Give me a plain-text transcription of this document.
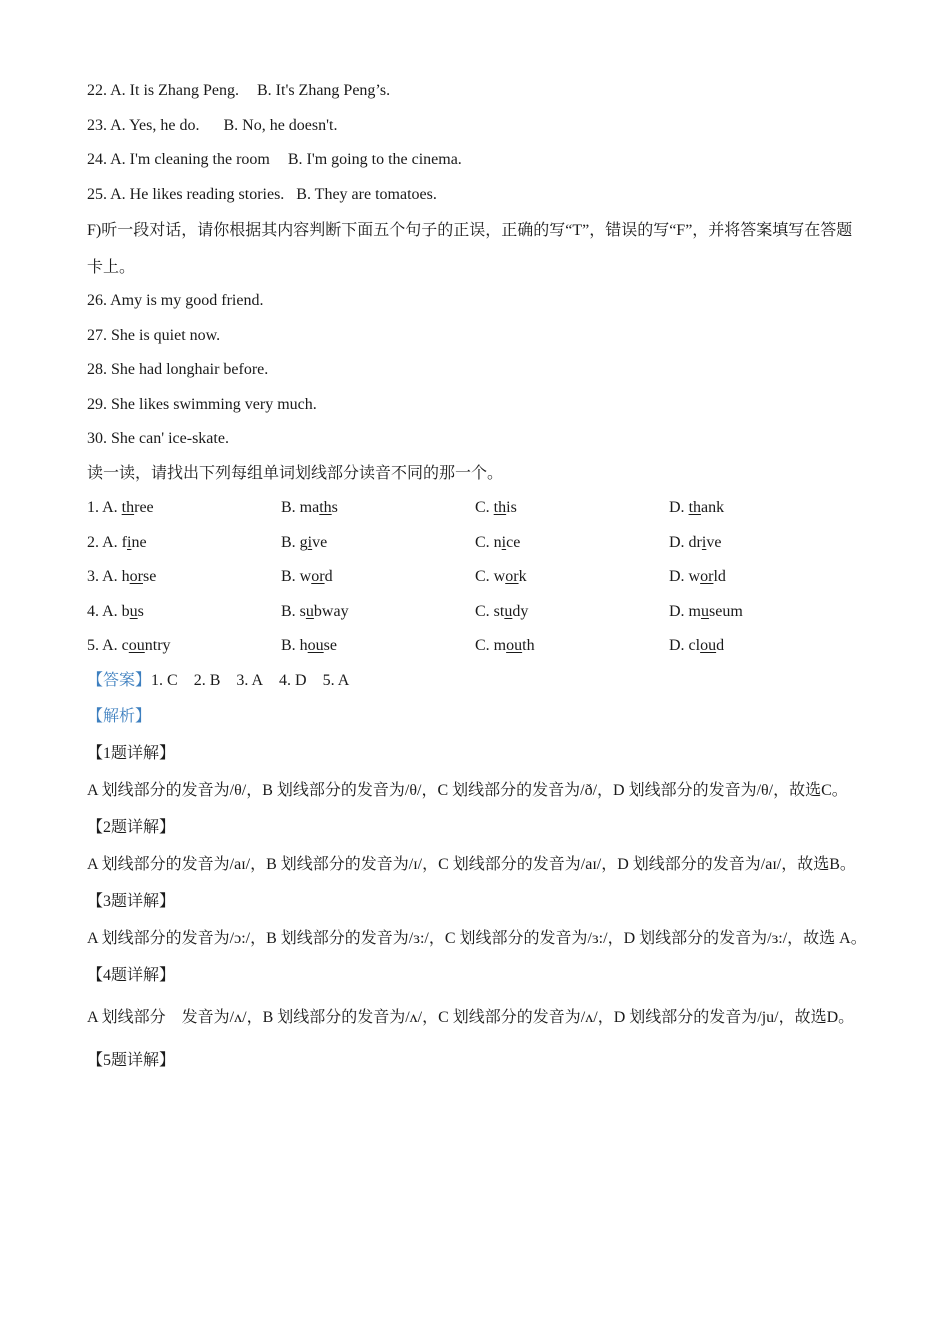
22. A. It is Zhang Peng. B. It's Zhang Peng’s.
23. A. Yes, he do. B. No, he doesn't.
24. A. I'm cleaning the room B. I'm going to the cinema.
25. A. He likes reading stories. B. They are tomatoes.
F)听一段对话，请你根据其内容判断下面五个句子的正误，正确的写“T”，错误的写“F”，并将答案填写在答题卡上。
26. Amy is my good friend.
27. She is quiet now.
28. She had longhair before.
29. She likes swimming very much.
30. She can' ice-skate.
读一读，请找出下列每组单词划线部分读音不同的那一个。
1. A. three	B. maths	C. this	D. thank
2. A. fine	B. give	C. nice	D. drive
3. A. horse	B. word	C. work	D. world
4. A. bus	B. subway	C. study	D. museum
5. A. country	B. house	C. mouth	D. cloud
【答案】1. C 2. B 3. A 4. D 5. A
【解析】
【1题详解】
A 划线部分的发音为/θ/，B 划线部分的发音为/θ/，C 划线部分的发音为/ð/，D 划线部分的发音为/θ/，故选C。
【2题详解】
A 划线部分的发音为/aɪ/，B 划线部分的发音为/ɪ/，C 划线部分的发音为/aɪ/，D 划线部分的发音为/aɪ/，故选B。
【3题详解】
A 划线部分的发音为/ɔ:/，B 划线部分的发音为/ɜ:/，C 划线部分的发音为/ɜ:/，D 划线部分的发音为/ɜ:/，故选 A。
【4题详解】
A 划线部分　发音为/ʌ/，B 划线部分的发音为/ʌ/，C 划线部分的发音为/ʌ/，D 划线部分的发音为/ju/，故选D。
【5题详解】
